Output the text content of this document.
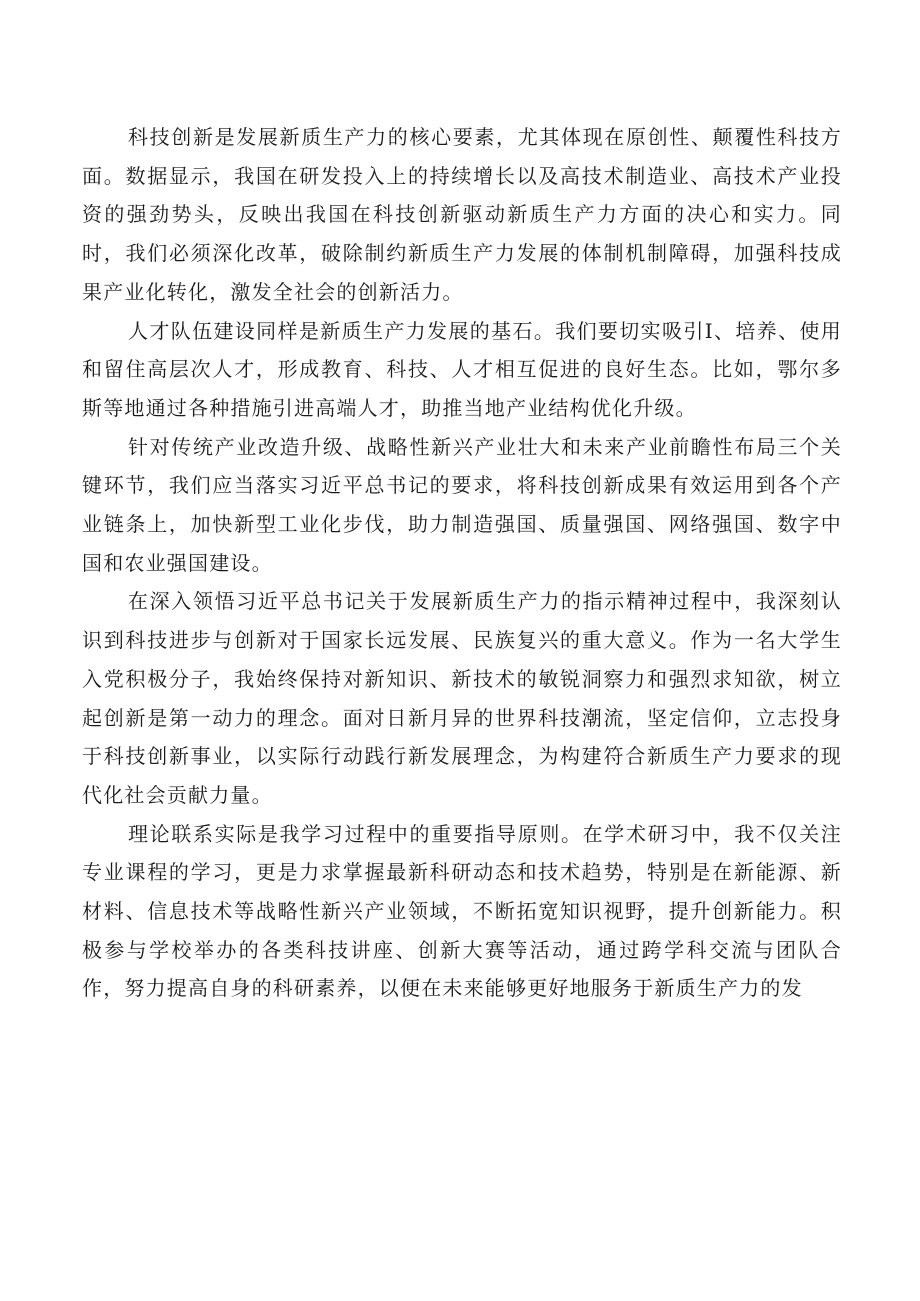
科技创新是发展新质生产力的核心要素，尤其体现在原创性、颠覆性科技方面。数据显示，我国在研发投入上的持续增长以及高技术制造业、高技术产业投资的强劲势头，反映出我国在科技创新驱动新质生产力方面的决心和实力。同时，我们必须深化改革，破除制约新质生产力发展的体制机制障碍，加强科技成果产业化转化，激发全社会的创新活力。

人才队伍建设同样是新质生产力发展的基石。我们要切实吸引I、培养、使用和留住高层次人才，形成教育、科技、人才相互促进的良好生态。比如，鄂尔多斯等地通过各种措施引进高端人才，助推当地产业结构优化升级。

针对传统产业改造升级、战略性新兴产业壮大和未来产业前瞻性布局三个关键环节，我们应当落实习近平总书记的要求，将科技创新成果有效运用到各个产业链条上，加快新型工业化步伐，助力制造强国、质量强国、网络强国、数字中国和农业强国建设。

在深入领悟习近平总书记关于发展新质生产力的指示精神过程中，我深刻认识到科技进步与创新对于国家长远发展、民族复兴的重大意义。作为一名大学生入党积极分子，我始终保持对新知识、新技术的敏锐洞察力和强烈求知欲，树立起创新是第一动力的理念。面对日新月异的世界科技潮流，坚定信仰，立志投身于科技创新事业，以实际行动践行新发展理念，为构建符合新质生产力要求的现代化社会贡献力量。

理论联系实际是我学习过程中的重要指导原则。在学术研习中，我不仅关注专业课程的学习，更是力求掌握最新科研动态和技术趋势，特别是在新能源、新材料、信息技术等战略性新兴产业领域，不断拓宽知识视野，提升创新能力。积极参与学校举办的各类科技讲座、创新大赛等活动，通过跨学科交流与团队合作，努力提高自身的科研素养，以便在未来能够更好地服务于新质生产力的发
